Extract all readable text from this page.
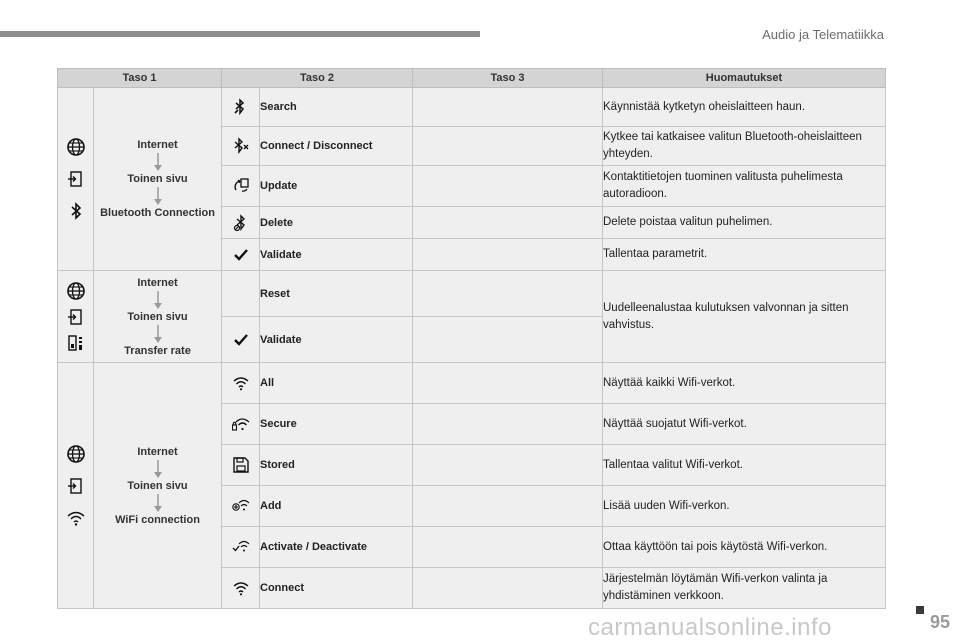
Audio ja Telematiikka
Taso 1		Taso 2		Taso 3	Huomautukset

Internet
Toinen sivu
Bluetooth Connection		Search		Käynnistää kytketyn oheislaitteen haun.

	Connect / Disconnect		Kytkee tai katkaisee valitun Bluetooth-oheislaitteen yhteyden.

	Update		Kontaktitietojen tuominen valitusta puhelimesta autoradioon.

	Delete		Delete poistaa valitun puhelimen.

	Validate		Tallentaa parametrit.

Internet
Toinen sivu
Transfer rate		Reset		Uudelleenalustaa kulutuksen valvonnan ja sitten vahvistus.

	Validate		

Internet
Toinen sivu
WiFi connection		All		Näyttää kaikki Wifi-verkot.

	Secure		Näyttää suojatut Wifi-verkot.

	Stored		Tallentaa valitut Wifi-verkot.

	Add		Lisää uuden Wifi-verkon.

	Activate / Deactivate		Ottaa käyttöön tai pois käytöstä Wifi-verkon.

	Connect		Järjestelmän löytämän Wifi-verkon valinta ja yhdistäminen verkkoon.
95
carmanualsonline.info
